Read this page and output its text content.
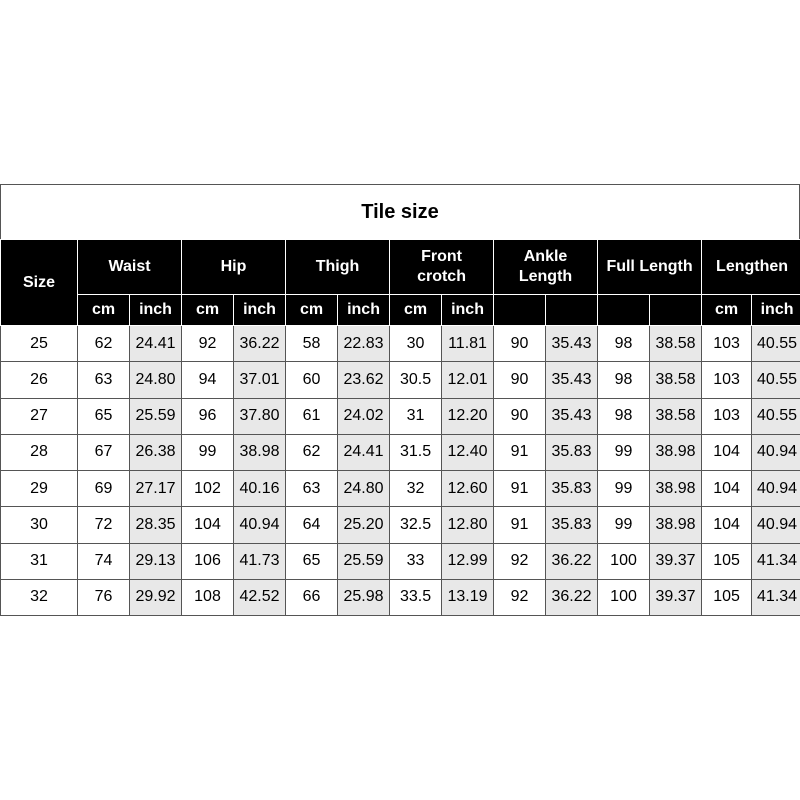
Tile size
Size	Waist		Hip		Thigh		Front crotch		Ankle Length		Full Length		Lengthen	
	cm	inch	cm	inch	cm	inch	cm	inch					cm	inch
25	62	24.41	92	36.22	58	22.83	30	11.81	90	35.43	98	38.58	103	40.55
26	63	24.80	94	37.01	60	23.62	30.5	12.01	90	35.43	98	38.58	103	40.55
27	65	25.59	96	37.80	61	24.02	31	12.20	90	35.43	98	38.58	103	40.55
28	67	26.38	99	38.98	62	24.41	31.5	12.40	91	35.83	99	38.98	104	40.94
29	69	27.17	102	40.16	63	24.80	32	12.60	91	35.83	99	38.98	104	40.94
30	72	28.35	104	40.94	64	25.20	32.5	12.80	91	35.83	99	38.98	104	40.94
31	74	29.13	106	41.73	65	25.59	33	12.99	92	36.22	100	39.37	105	41.34
32	76	29.92	108	42.52	66	25.98	33.5	13.19	92	36.22	100	39.37	105	41.34
